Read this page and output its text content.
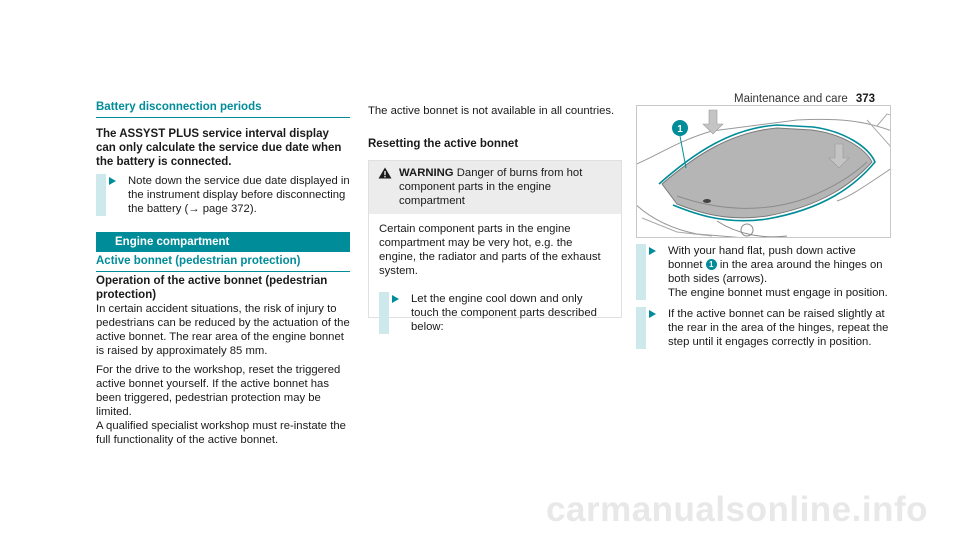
Maintenance and care 373
Battery disconnection periods
The ASSYST PLUS service interval display can only calculate the service due date when the battery is connected.
Note down the service due date displayed in the instrument display before disconnecting the battery (→ page 372).
Engine compartment
Active bonnet (pedestrian protection)
Operation of the active bonnet (pedestrian protection)
In certain accident situations, the risk of injury to pedestrians can be reduced by the actuation of the active bonnet. The rear area of the engine bonnet is raised by approximately 85 mm.
For the drive to the workshop, reset the triggered active bonnet yourself. If the active bonnet has been triggered, pedestrian protection may be limited.
A qualified specialist workshop must re-instate the full functionality of the active bonnet.
The active bonnet is not available in all countries.
Resetting the active bonnet
WARNING Danger of burns from hot component parts in the engine compartment
Certain component parts in the engine compartment may be very hot, e.g. the engine, the radiator and parts of the exhaust system.
Let the engine cool down and only touch the component parts described below:
1
With your hand flat, push down active bonnet 1 in the area around the hinges on both sides (arrows).
The engine bonnet must engage in position.
If the active bonnet can be raised slightly at the rear in the area of the hinges, repeat the step until it engages correctly in position.
carmanualsonline.info
